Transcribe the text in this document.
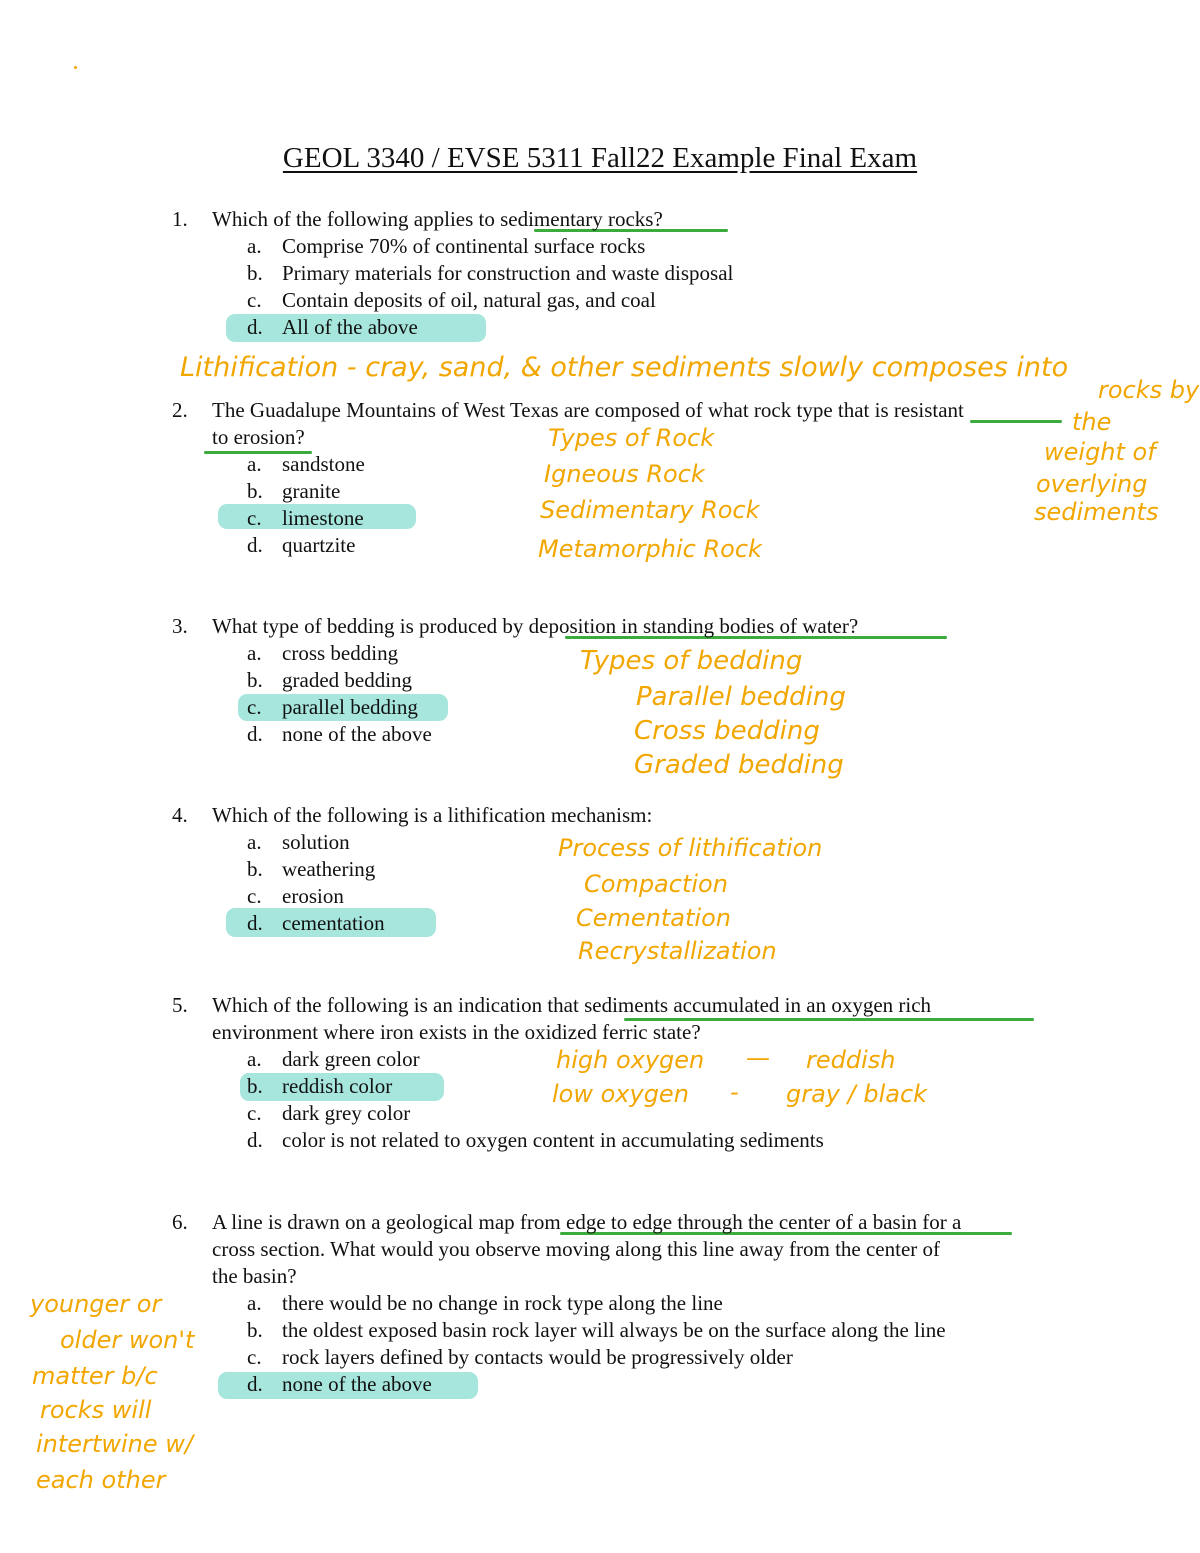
GEOL 3340 / EVSE 5311 Fall22 Example Final Exam
1.	Which of the following applies to sedimentary rocks?
a. Comprise 70% of continental surface rocks
b. Primary materials for construction and waste disposal
c. Contain deposits of oil, natural gas, and coal
d. All of the above
2.	The Guadalupe Mountains of West Texas are composed of what rock type that is resistant
to erosion?
a. sandstone
b. granite
c. limestone
d. quartzite
3.	What type of bedding is produced by deposition in standing bodies of water?
a. cross bedding
b. graded bedding
c. parallel bedding
d. none of the above
4.	Which of the following is a lithification mechanism:
a. solution
b. weathering
c. erosion
d. cementation
5.	Which of the following is an indication that sediments accumulated in an oxygen rich
environment where iron exists in the oxidized ferric state?
a. dark green color
b. reddish color
c. dark grey color
d. color is not related to oxygen content in accumulating sediments
6.	A line is drawn on a geological map from edge to edge through the center of a basin for a
cross section. What would you observe moving along this line away from the center of
the basin?
a. there would be no change in rock type along the line
b. the oldest exposed basin rock layer will always be on the surface along the line
c. rock layers defined by contacts would be progressively older
d. none of the above
Lithification - cray, sand, & other sediments slowly composes into
rocks by
the
weight of
overlying
sediments
Types of Rock
Igneous Rock
Sedimentary Rock
Metamorphic Rock
Types of bedding
Parallel bedding
Cross bedding
Graded bedding
Process of lithification
Compaction
Cementation
Recrystallization
high oxygen — reddish
low oxygen - gray / black
younger or
older won't
matter b/c
rocks will
intertwine w/
each other
